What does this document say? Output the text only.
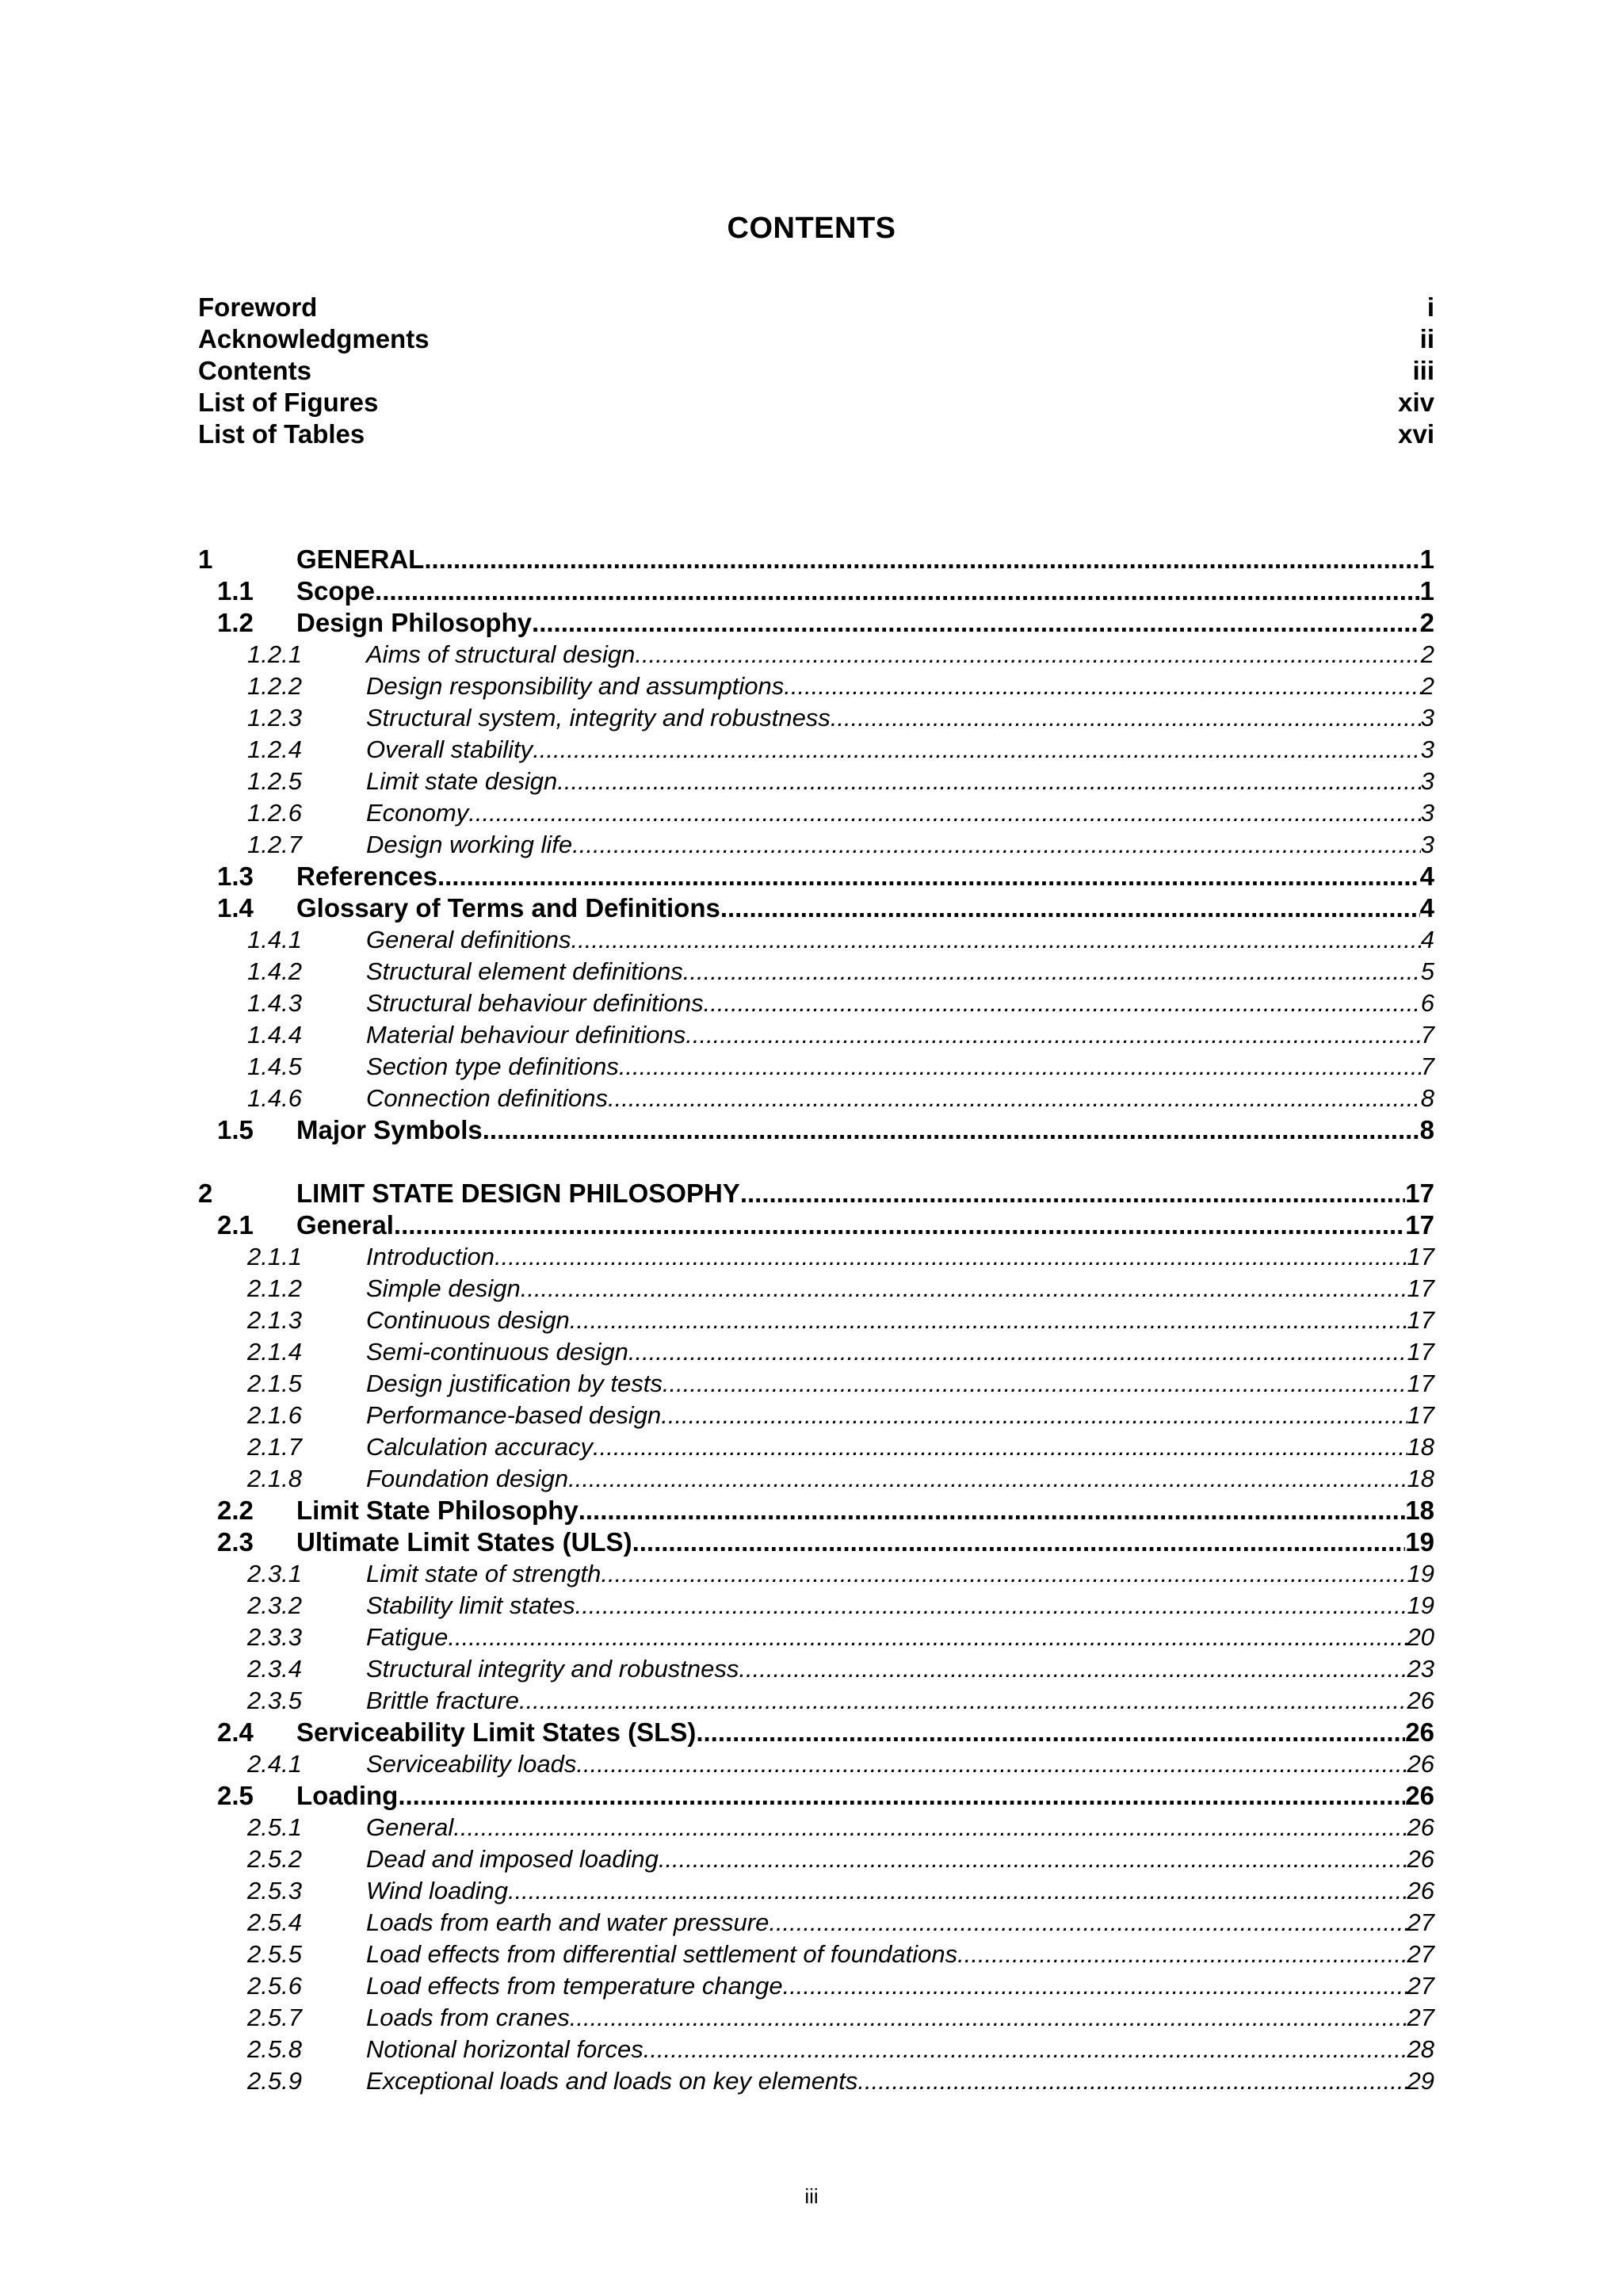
CONTENTS
Foreword	i
Acknowledgments	ii
Contents	iii
List of Figures	xiv
List of Tables	xvi
1	GENERAL .....	1
1.1	Scope .....	1
1.2	Design Philosophy .....	2
1.2.1	Aims of structural design .....	2
1.2.2	Design responsibility and assumptions .....	2
1.2.3	Structural system, integrity and robustness .....	3
1.2.4	Overall stability .....	3
1.2.5	Limit state design .....	3
1.2.6	Economy .....	3
1.2.7	Design working life .....	3
1.3	References .....	4
1.4	Glossary of Terms and Definitions .....	4
1.4.1	General definitions .....	4
1.4.2	Structural element definitions .....	5
1.4.3	Structural behaviour definitions .....	6
1.4.4	Material behaviour definitions .....	7
1.4.5	Section type definitions .....	7
1.4.6	Connection definitions .....	8
1.5	Major Symbols .....	8
2	LIMIT STATE DESIGN PHILOSOPHY .....	17
2.1	General .....	17
2.1.1	Introduction .....	17
2.1.2	Simple design .....	17
2.1.3	Continuous design .....	17
2.1.4	Semi-continuous design .....	17
2.1.5	Design justification by tests .....	17
2.1.6	Performance-based design .....	17
2.1.7	Calculation accuracy .....	18
2.1.8	Foundation design .....	18
2.2	Limit State Philosophy .....	18
2.3	Ultimate Limit States (ULS) .....	19
2.3.1	Limit state of strength .....	19
2.3.2	Stability limit states .....	19
2.3.3	Fatigue .....	20
2.3.4	Structural integrity and robustness .....	23
2.3.5	Brittle fracture .....	26
2.4	Serviceability Limit States (SLS) .....	26
2.4.1	Serviceability loads .....	26
2.5	Loading .....	26
2.5.1	General .....	26
2.5.2	Dead and imposed loading .....	26
2.5.3	Wind loading .....	26
2.5.4	Loads from earth and water pressure .....	27
2.5.5	Load effects from differential settlement of foundations .....	27
2.5.6	Load effects from temperature change .....	27
2.5.7	Loads from cranes .....	27
2.5.8	Notional horizontal forces .....	28
2.5.9	Exceptional loads and loads on key elements .....	29
iii
